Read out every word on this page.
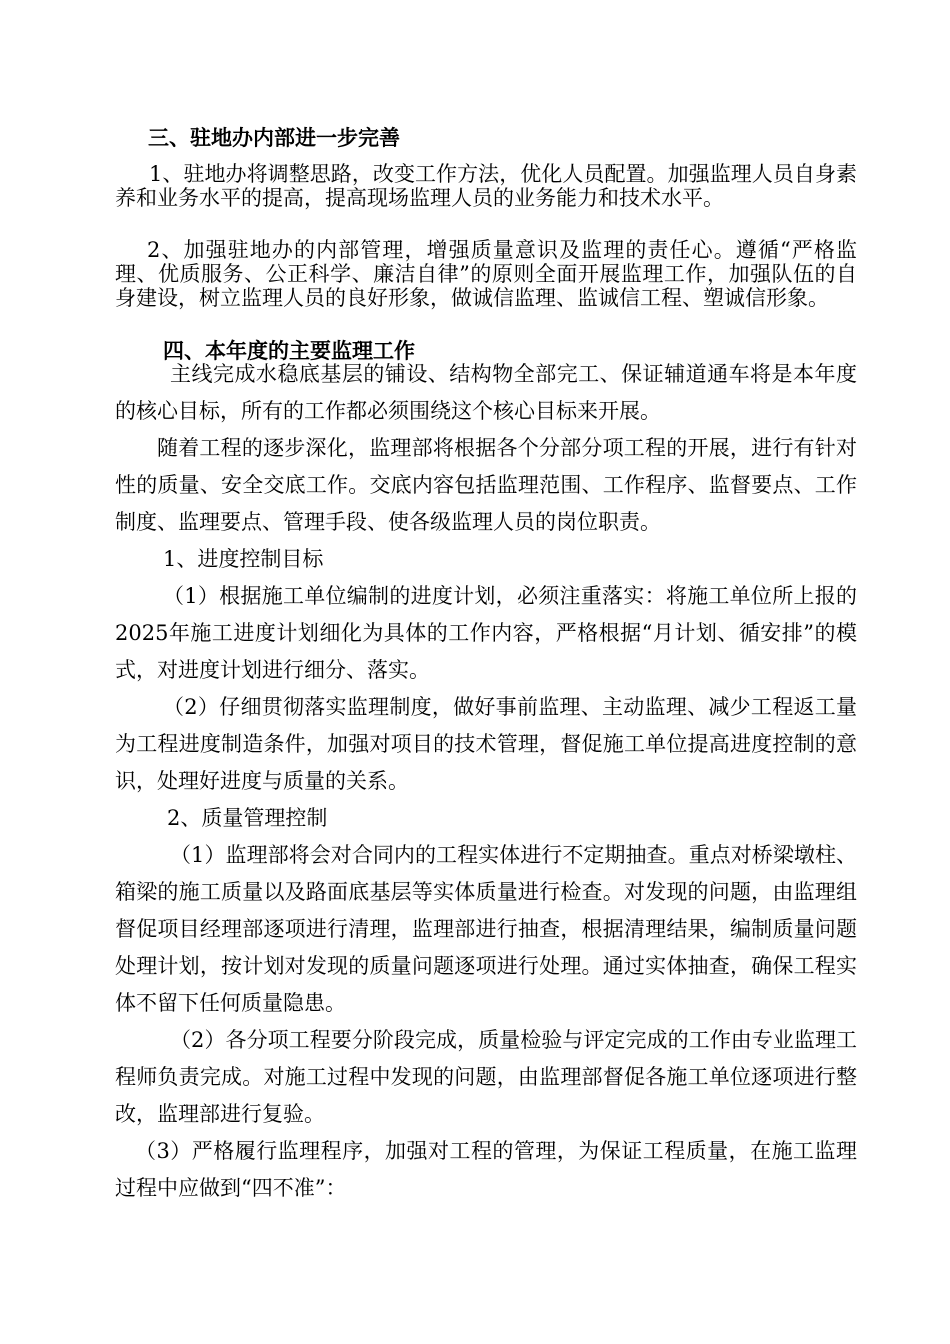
三、驻地办内部进一步完善

1、驻地办将调整思路，改变工作方法，优化人员配置。加强监理人员自身素养和业务水平的提高，提高现场监理人员的业务能力和技术水平。

2、加强驻地办的内部管理，增强质量意识及监理的责任心。遵循“严格监理、优质服务、公正科学、廉洁自律”的原则全面开展监理工作，加强队伍的自身建设，树立监理人员的良好形象，做诚信监理、监诚信工程、塑诚信形象。

四、本年度的主要监理工作

主线完成水稳底基层的铺设、结构物全部完工、保证辅道通车将是本年度的核心目标，所有的工作都必须围绕这个核心目标来开展。

随着工程的逐步深化，监理部将根据各个分部分项工程的开展，进行有针对性的质量、安全交底工作。交底内容包括监理范围、工作程序、监督要点、工作制度、监理要点、管理手段、使各级监理人员的岗位职责。

1、进度控制目标

（1）根据施工单位编制的进度计划，必须注重落实：将施工单位所上报的2025年施工进度计划细化为具体的工作内容，严格根据“月计划、循安排”的模式，对进度计划进行细分、落实。

（2）仔细贯彻落实监理制度，做好事前监理、主动监理、减少工程返工量为工程进度制造条件，加强对项目的技术管理，督促施工单位提高进度控制的意识，处理好进度与质量的关系。

2、质量管理控制

（1）监理部将会对合同内的工程实体进行不定期抽查。重点对桥梁墩柱、箱梁的施工质量以及路面底基层等实体质量进行检查。对发现的问题，由监理组督促项目经理部逐项进行清理，监理部进行抽查，根据清理结果，编制质量问题处理计划，按计划对发现的质量问题逐项进行处理。通过实体抽查，确保工程实体不留下任何质量隐患。

（2）各分项工程要分阶段完成，质量检验与评定完成的工作由专业监理工程师负责完成。对施工过程中发现的问题，由监理部督促各施工单位逐项进行整改，监理部进行复验。

（3）严格履行监理程序，加强对工程的管理，为保证工程质量，在施工监理过程中应做到“四不准”：
